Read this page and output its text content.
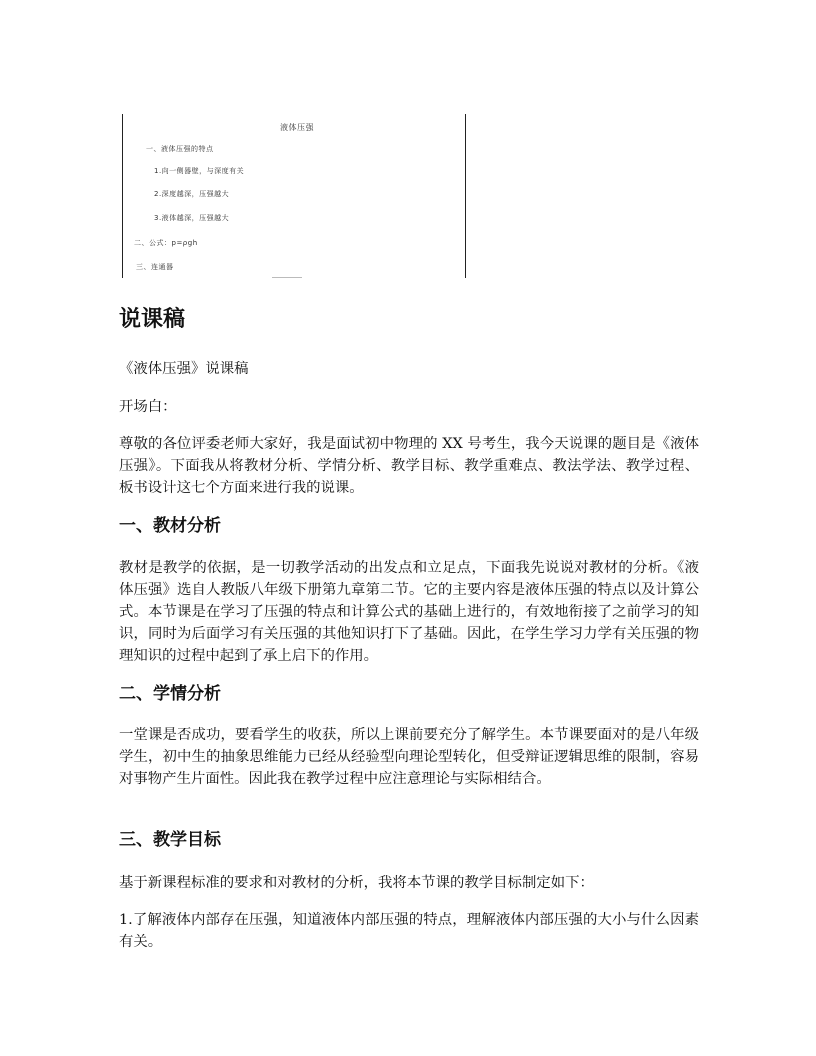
液体压强
一、液体压强的特点
1.向一侧器壁，与深度有关
2.深度越深，压强越大
3.液体越深，压强越大
二、公式：p=ρgh
三、连通器
说课稿

《液体压强》说课稿

开场白：

尊敬的各位评委老师大家好，我是面试初中物理的 XX 号考生，我今天说课的题目是《液体压强》。下面我从将教材分析、学情分析、教学目标、教学重难点、教法学法、教学过程、板书设计这七个方面来进行我的说课。

一、教材分析

教材是教学的依据，是一切教学活动的出发点和立足点，下面我先说说对教材的分析。《液体压强》选自人教版八年级下册第九章第二节。它的主要内容是液体压强的特点以及计算公式。本节课是在学习了压强的特点和计算公式的基础上进行的，有效地衔接了之前学习的知识，同时为后面学习有关压强的其他知识打下了基础。因此，在学生学习力学有关压强的物理知识的过程中起到了承上启下的作用。

二、学情分析

一堂课是否成功，要看学生的收获，所以上课前要充分了解学生。本节课要面对的是八年级学生，初中生的抽象思维能力已经从经验型向理论型转化，但受辩证逻辑思维的限制，容易对事物产生片面性。因此我在教学过程中应注意理论与实际相结合。

三、教学目标

基于新课程标准的要求和对教材的分析，我将本节课的教学目标制定如下：

1.了解液体内部存在压强，知道液体内部压强的特点，理解液体内部压强的大小与什么因素有关。
